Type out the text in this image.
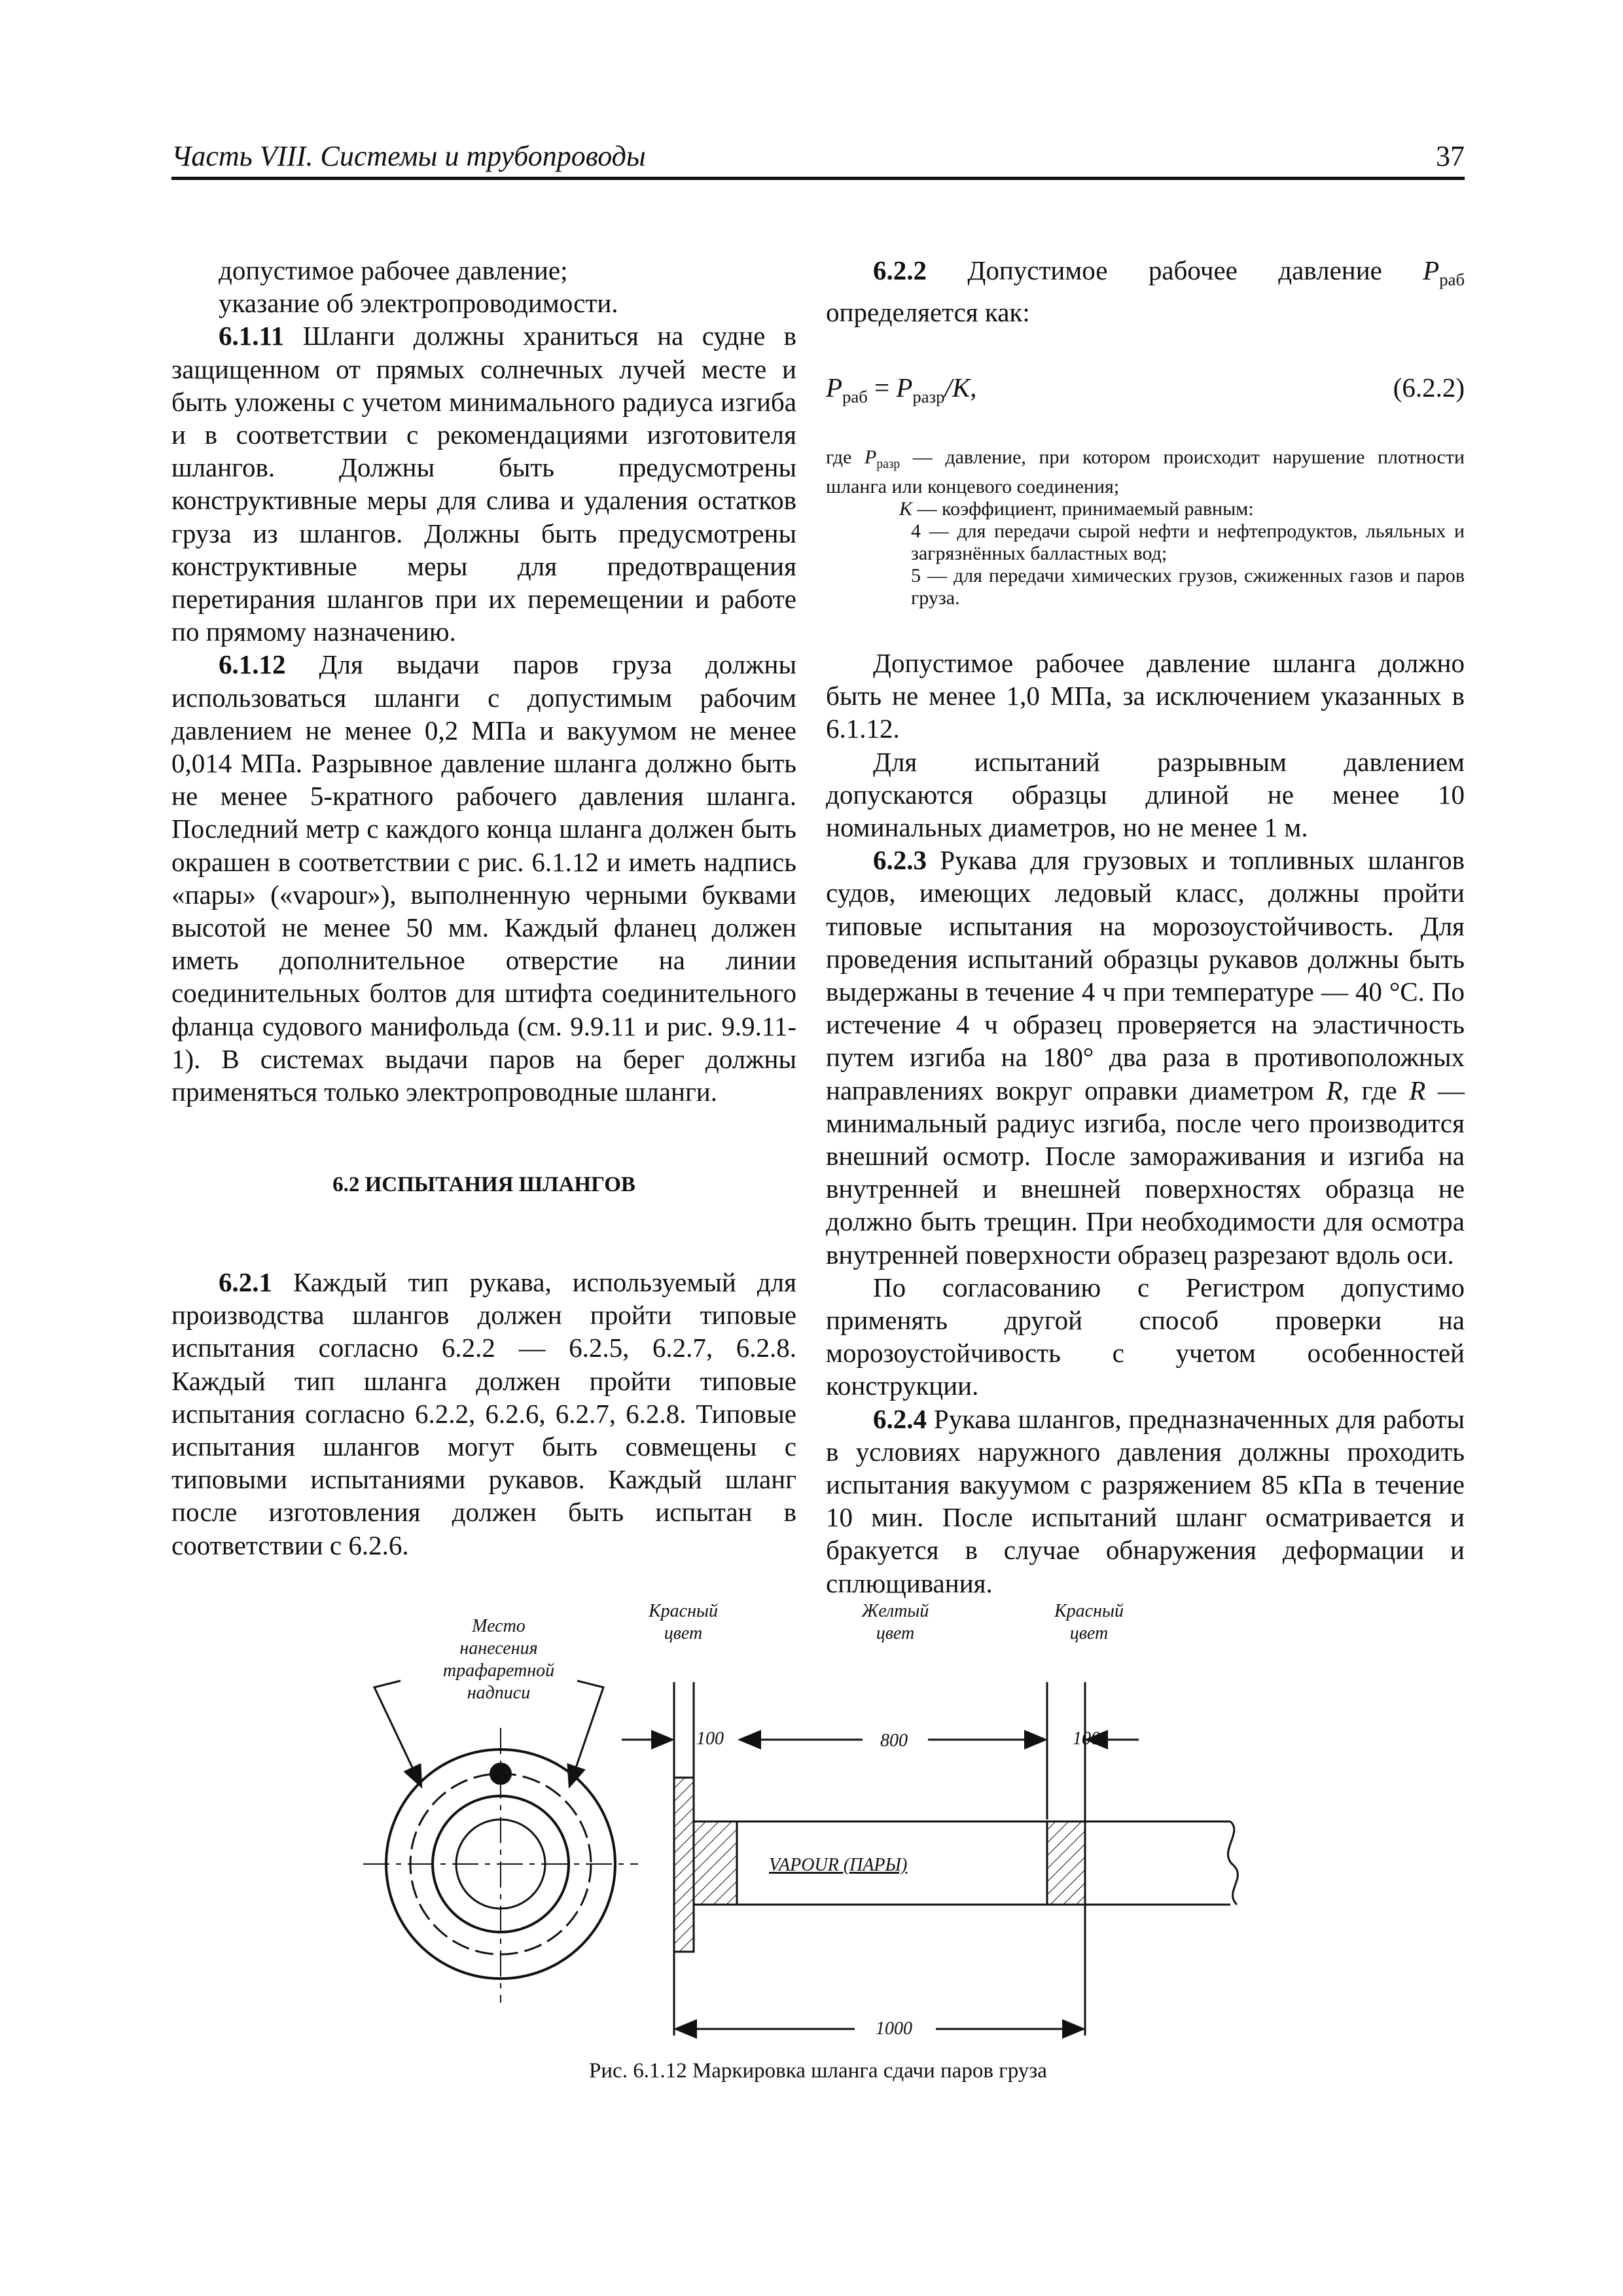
Часть VIII. Системы и трубопроводы	37

допустимое рабочее давление;

указание об электропроводимости.

6.1.11 Шланги должны храниться на судне в защищенном от прямых солнечных лучей месте и быть уложены с учетом минимального радиуса изгиба и в соответствии с рекомендациями изготовителя шлангов. Должны быть предусмотрены конструктивные меры для слива и удаления остатков груза из шлангов. Должны быть предусмотрены конструктивные меры для предотвращения перетирания шлангов при их перемещении и работе по прямому назначению.

6.1.12 Для выдачи паров груза должны использоваться шланги с допустимым рабочим давлением не менее 0,2 МПа и вакуумом не менее 0,014 МПа. Разрывное давление шланга должно быть не менее 5-кратного рабочего давления шланга. Последний метр с каждого конца шланга должен быть окрашен в соответствии с рис. 6.1.12 и иметь надпись «пары» («vapour»), выполненную черными буквами высотой не менее 50 мм. Каждый фланец должен иметь дополнительное отверстие на линии соединительных болтов для штифта соединительного фланца судового манифольда (см. 9.9.11 и рис. 9.9.11-1). В системах выдачи паров на берег должны применяться только электропроводные шланги.

6.2 ИСПЫТАНИЯ ШЛАНГОВ

6.2.1 Каждый тип рукава, используемый для производства шлангов должен пройти типовые испытания согласно 6.2.2 — 6.2.5, 6.2.7, 6.2.8. Каждый тип шланга должен пройти типовые испытания согласно 6.2.2, 6.2.6, 6.2.7, 6.2.8. Типовые испытания шлангов могут быть совмещены с типовыми испытаниями рукавов. Каждый шланг после изготовления должен быть испытан в соответствии с 6.2.6.

6.2.2 Допустимое рабочее давление $P_{раб}$ определяется как:

$P_{раб} = P_{разр}/K$,	(6.2.2)
где $P_{разр}$ — давление, при котором происходит нарушение плотности шланга или концевого соединения;
K — коэффициент, принимаемый равным:
4 — для передачи сырой нефти и нефтепродуктов, льяльных и загрязнённых балластных вод;
5 — для передачи химических грузов, сжиженных газов и паров груза.

Допустимое рабочее давление шланга должно быть не менее 1,0 МПа, за исключением указанных в 6.1.12.

Для испытаний разрывным давлением допускаются образцы длиной не менее 10 номинальных диаметров, но не менее 1 м.

6.2.3 Рукава для грузовых и топливных шлангов судов, имеющих ледовый класс, должны пройти типовые испытания на морозоустойчивость. Для проведения испытаний образцы рукавов должны быть выдержаны в течение 4 ч при температуре — 40 °С. По истечение 4 ч образец проверяется на эластичность путем изгиба на 180° два раза в противоположных направлениях вокруг оправки диаметром R, где R — минимальный радиус изгиба, после чего производится внешний осмотр. После замораживания и изгиба на внутренней и внешней поверхностях образца не должно быть трещин. При необходимости для осмотра внутренней поверхности образец разрезают вдоль оси.

По согласованию с Регистром допустимо применять другой способ проверки на морозоустойчивость с учетом особенностей конструкции.

6.2.4 Рукава шлангов, предназначенных для работы в условиях наружного давления должны проходить испытания вакуумом с разряжением 85 кПа в течение 10 мин. После испытаний шланг осматривается и бракуется в случае обнаружения деформации и сплющивания.

Место нанесения трафаретной надписи
Красный цвет
Желтый цвет
Красный цвет
100	800	100
VAPOUR (ПАРЫ)
1000
Рис. 6.1.12 Маркировка шланга сдачи паров груза
